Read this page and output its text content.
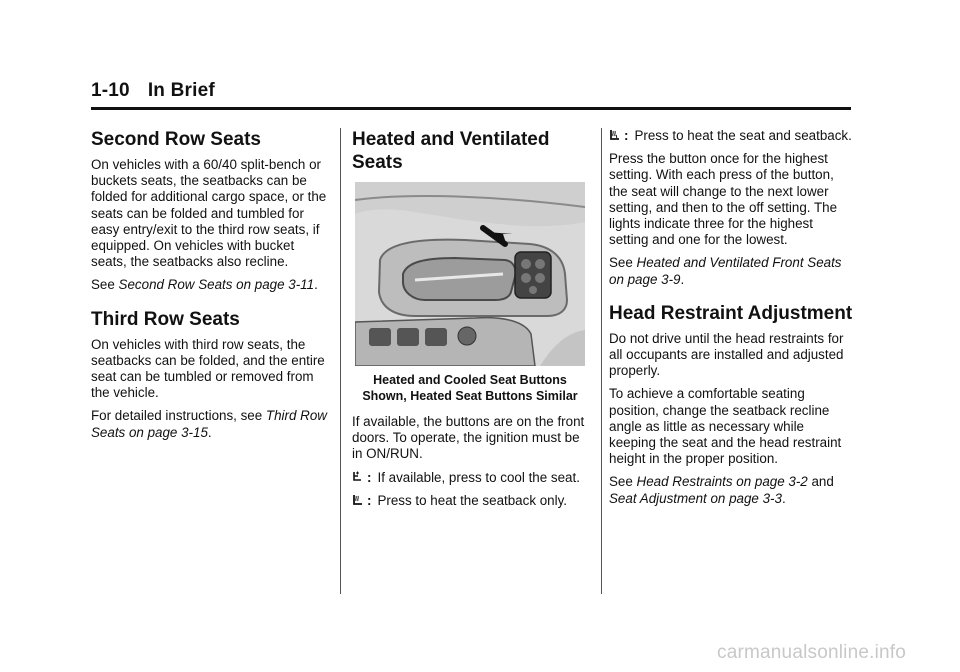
1-10 In Brief
Second Row Seats

On vehicles with a 60/40 split-bench or buckets seats, the seatbacks can be folded for additional cargo space, or the seats can be folded and tumbled for easy entry/exit to the third row seats, if equipped. On vehicles with bucket seats, the seatbacks also recline.

See Second Row Seats on page 3-11.

Third Row Seats

On vehicles with third row seats, the seatbacks can be folded, and the entire seat can be tumbled or removed from the vehicle.

For detailed instructions, see Third Row Seats on page 3-15.

Heated and Ventilated Seats
Heated and Cooled Seat Buttons
Shown, Heated Seat Buttons Similar

If available, the buttons are on the front doors. To operate, the ignition must be in ON/RUN.

: If available, press to cool the seat.

: Press to heat the seatback only.

: Press to heat the seat and seatback.

Press the button once for the highest setting. With each press of the button, the seat will change to the next lower setting, and then to the off setting. The lights indicate three for the highest setting and one for the lowest.

See Heated and Ventilated Front Seats on page 3-9.

Head Restraint Adjustment

Do not drive until the head restraints for all occupants are installed and adjusted properly.

To achieve a comfortable seating position, change the seatback recline angle as little as necessary while keeping the seat and the head restraint height in the proper position.

See Head Restraints on page 3-2 and Seat Adjustment on page 3-3.

carmanualsonline.info
